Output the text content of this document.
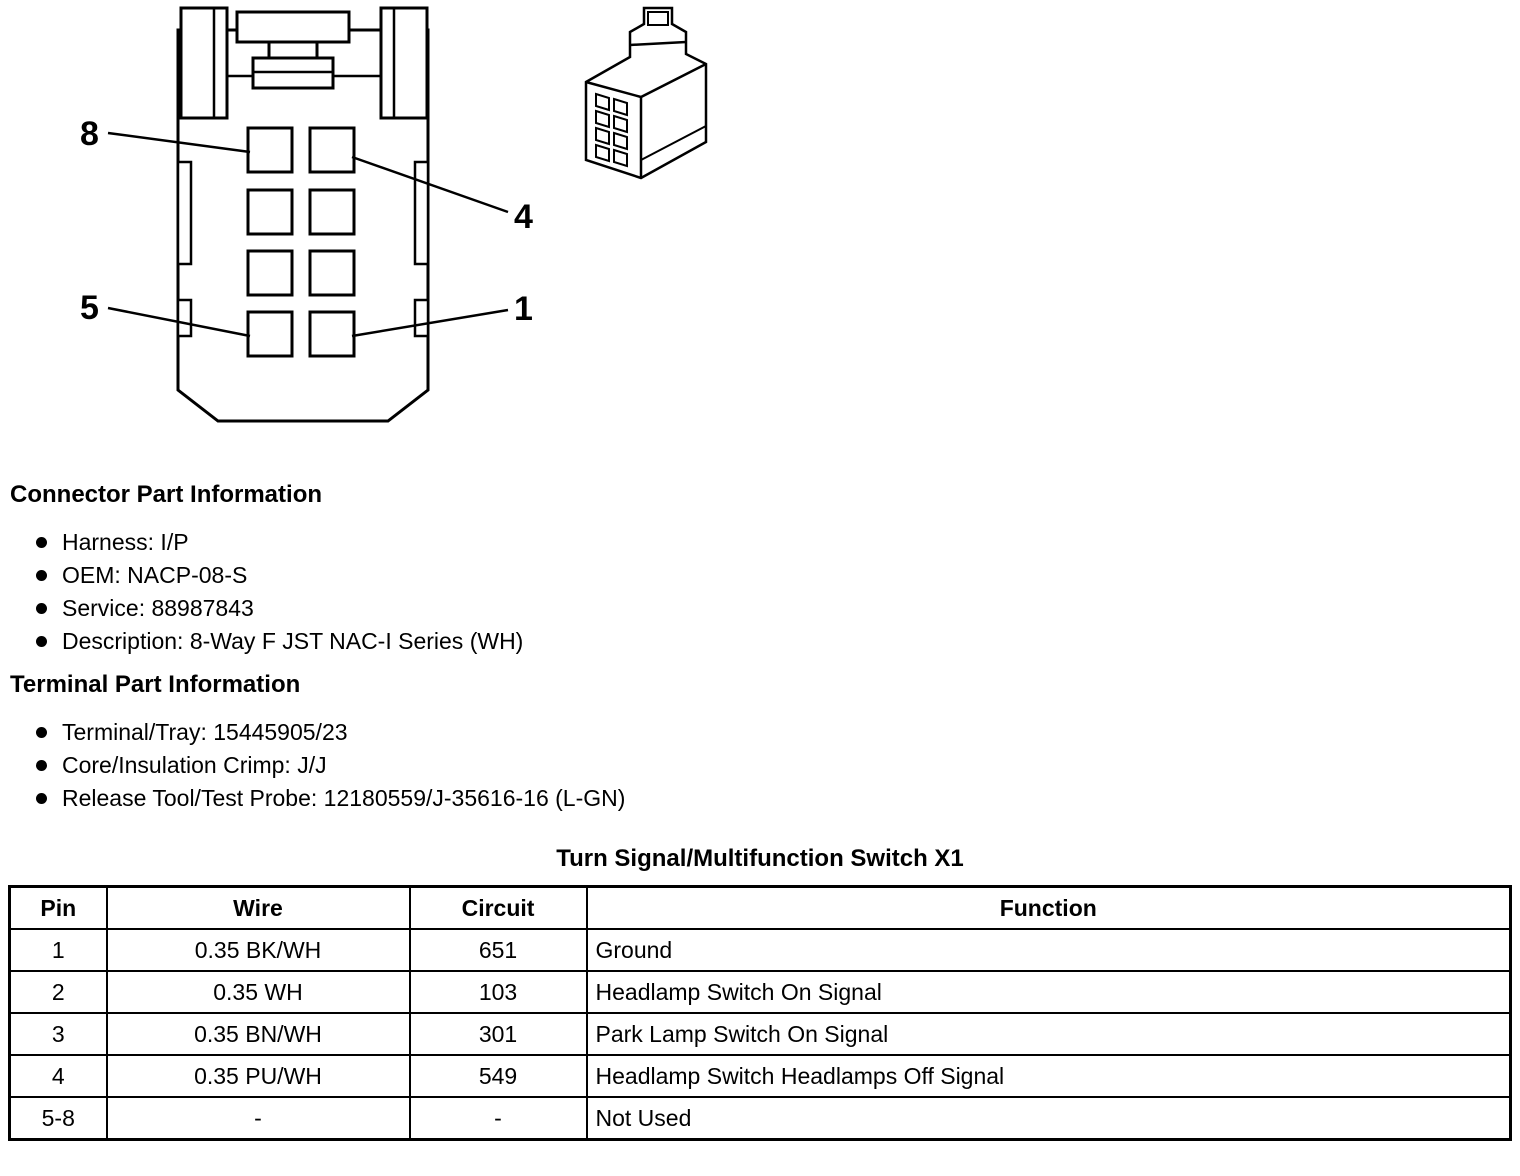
8
4
5	1
Connector Part Information
Harness: I/P
OEM: NACP-08-S
Service: 88987843
Description: 8-Way F JST NAC-I Series (WH)
Terminal Part Information
Terminal/Tray: 15445905/23
Core/Insulation Crimp: J/J
Release Tool/Test Probe: 12180559/J-35616-16 (L-GN)
Turn Signal/Multifunction Switch X1
Pin	Wire	Circuit	Function
1	0.35 BK/WH	651	Ground
2	0.35 WH	103	Headlamp Switch On Signal
3	0.35 BN/WH	301	Park Lamp Switch On Signal
4	0.35 PU/WH	549	Headlamp Switch Headlamps Off Signal
5-8	-	-	Not Used
